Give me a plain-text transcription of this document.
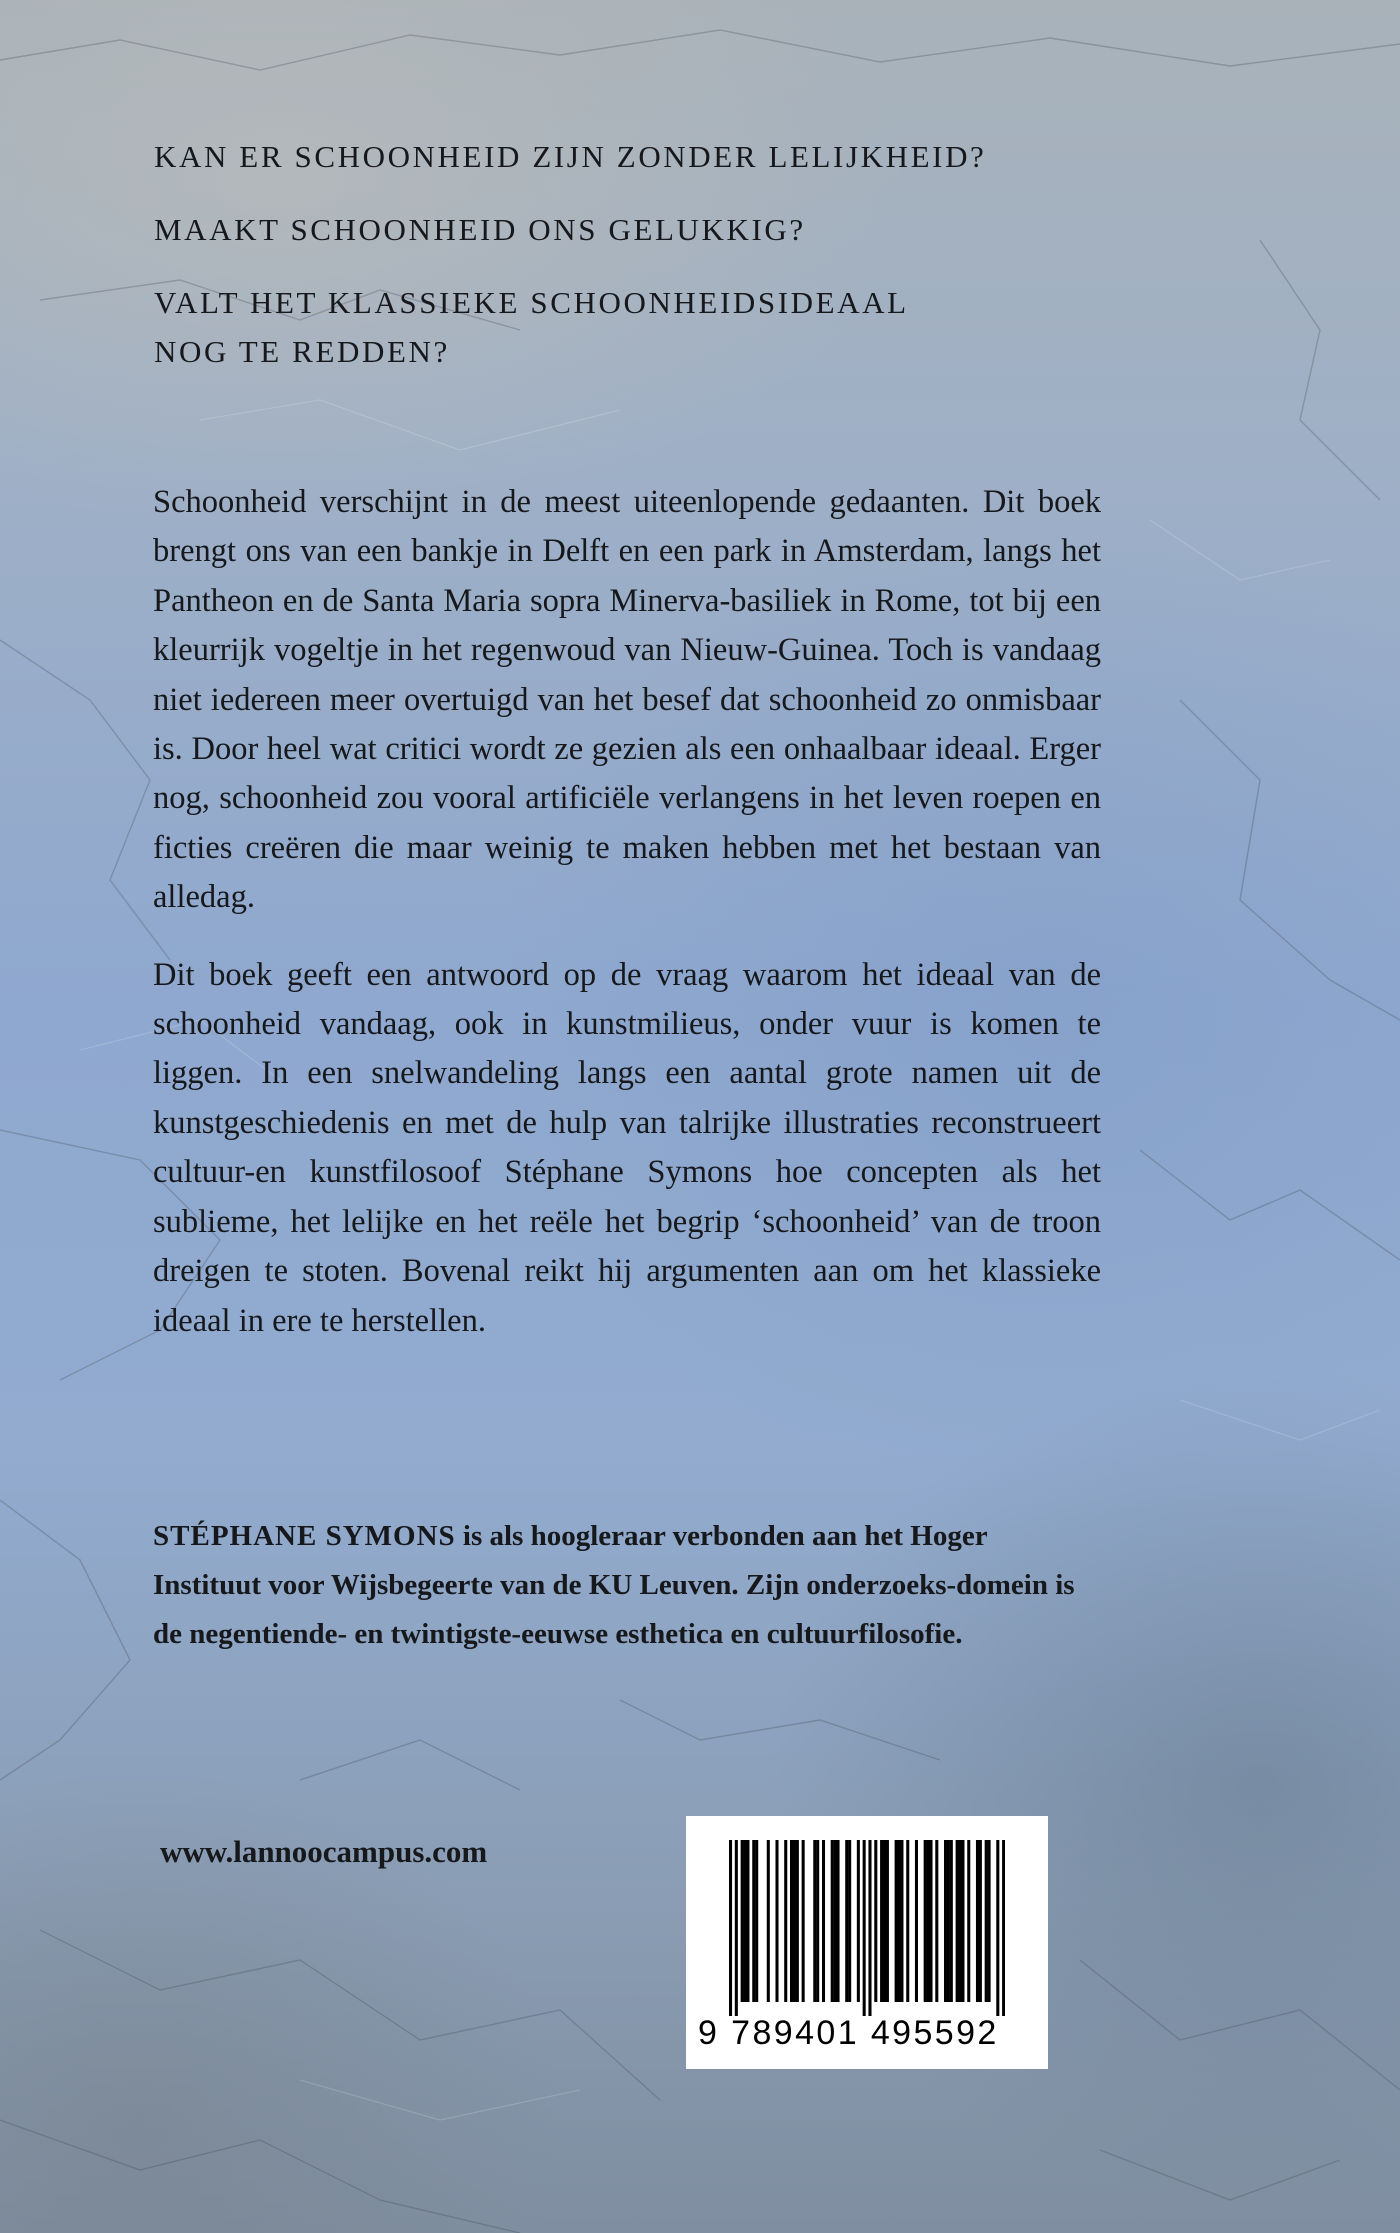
KAN ER SCHOONHEID ZIJN ZONDER LELIJKHEID?
MAAKT SCHOONHEID ONS GELUKKIG?
VALT HET KLASSIEKE SCHOONHEIDSIDEAAL NOG TE REDDEN?

Schoonheid verschijnt in de meest uiteenlopende gedaanten. Dit boek brengt ons van een bankje in Delft en een park in Amsterdam, langs het Pantheon en de Santa Maria sopra Minerva-basiliek in Rome, tot bij een kleurrijk vogeltje in het regenwoud van Nieuw-Guinea. Toch is vandaag niet iedereen meer overtuigd van het besef dat schoonheid zo onmisbaar is. Door heel wat critici wordt ze gezien als een onhaalbaar ideaal. Erger nog, schoonheid zou vooral artificiële verlangens in het leven roepen en ficties creëren die maar weinig te maken hebben met het bestaan van alledag.

Dit boek geeft een antwoord op de vraag waarom het ideaal van de schoonheid vandaag, ook in kunstmilieus, onder vuur is komen te liggen. In een snelwandeling langs een aantal grote namen uit de kunstgeschiedenis en met de hulp van talrijke illustraties reconstrueert cultuur-en kunstfilosoof Stéphane Symons hoe concepten als het sublieme, het lelijke en het reële het begrip ‘schoonheid’ van de troon dreigen te stoten. Bovenal reikt hij argumenten aan om het klassieke ideaal in ere te herstellen.

STÉPHANE SYMONS is als hoogleraar verbonden aan het Hoger Instituut voor Wijsbegeerte van de KU Leuven. Zijn onderzoeks-domein is de negentiende- en twintigste-eeuwse esthetica en cultuurfilosofie.
www.lannoocampus.com
9 789401 495592
